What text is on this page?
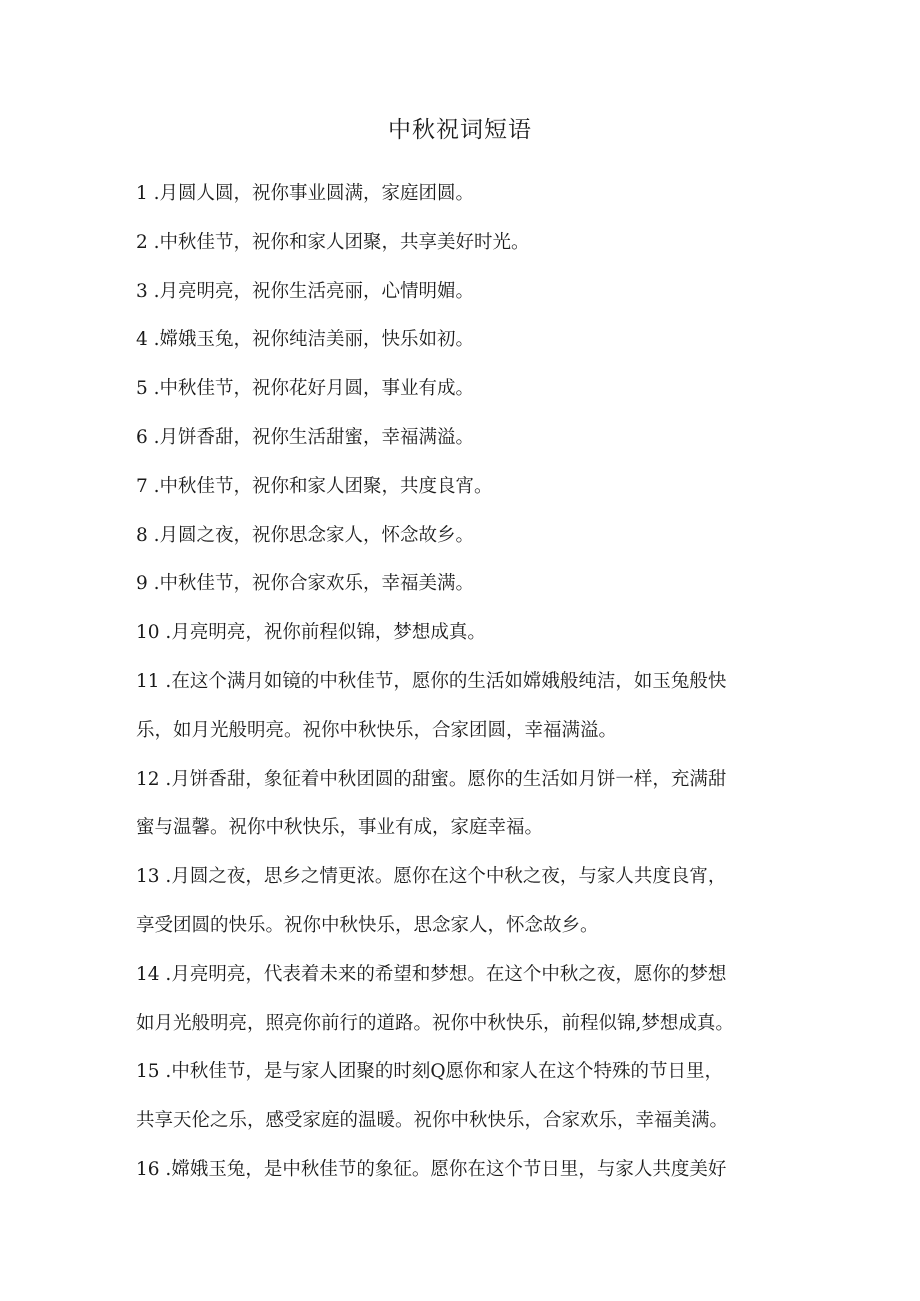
中秋祝词短语
1 .月圆人圆，祝你事业圆满，家庭团圆。
2 .中秋佳节，祝你和家人团聚，共享美好时光。
3 .月亮明亮，祝你生活亮丽，心情明媚。
4 .嫦娥玉兔，祝你纯洁美丽，快乐如初。
5 .中秋佳节，祝你花好月圆，事业有成。
6 .月饼香甜，祝你生活甜蜜，幸福满溢。
7 .中秋佳节，祝你和家人团聚，共度良宵。
8 .月圆之夜，祝你思念家人，怀念故乡。
9 .中秋佳节，祝你合家欢乐，幸福美满。
10 .月亮明亮，祝你前程似锦，梦想成真。
11 .在这个满月如镜的中秋佳节，愿你的生活如嫦娥般纯洁，如玉兔般快
乐，如月光般明亮。祝你中秋快乐，合家团圆，幸福满溢。
12 .月饼香甜，象征着中秋团圆的甜蜜。愿你的生活如月饼一样，充满甜
蜜与温馨。祝你中秋快乐，事业有成，家庭幸福。
13 .月圆之夜，思乡之情更浓。愿你在这个中秋之夜，与家人共度良宵，
享受团圆的快乐。祝你中秋快乐，思念家人，怀念故乡。
14 .月亮明亮，代表着未来的希望和梦想。在这个中秋之夜，愿你的梦想
如月光般明亮，照亮你前行的道路。祝你中秋快乐，前程似锦,梦想成真。
15 .中秋佳节，是与家人团聚的时刻Q愿你和家人在这个特殊的节日里，
共享天伦之乐，感受家庭的温暖。祝你中秋快乐，合家欢乐，幸福美满。
16 .嫦娥玉兔，是中秋佳节的象征。愿你在这个节日里，与家人共度美好
